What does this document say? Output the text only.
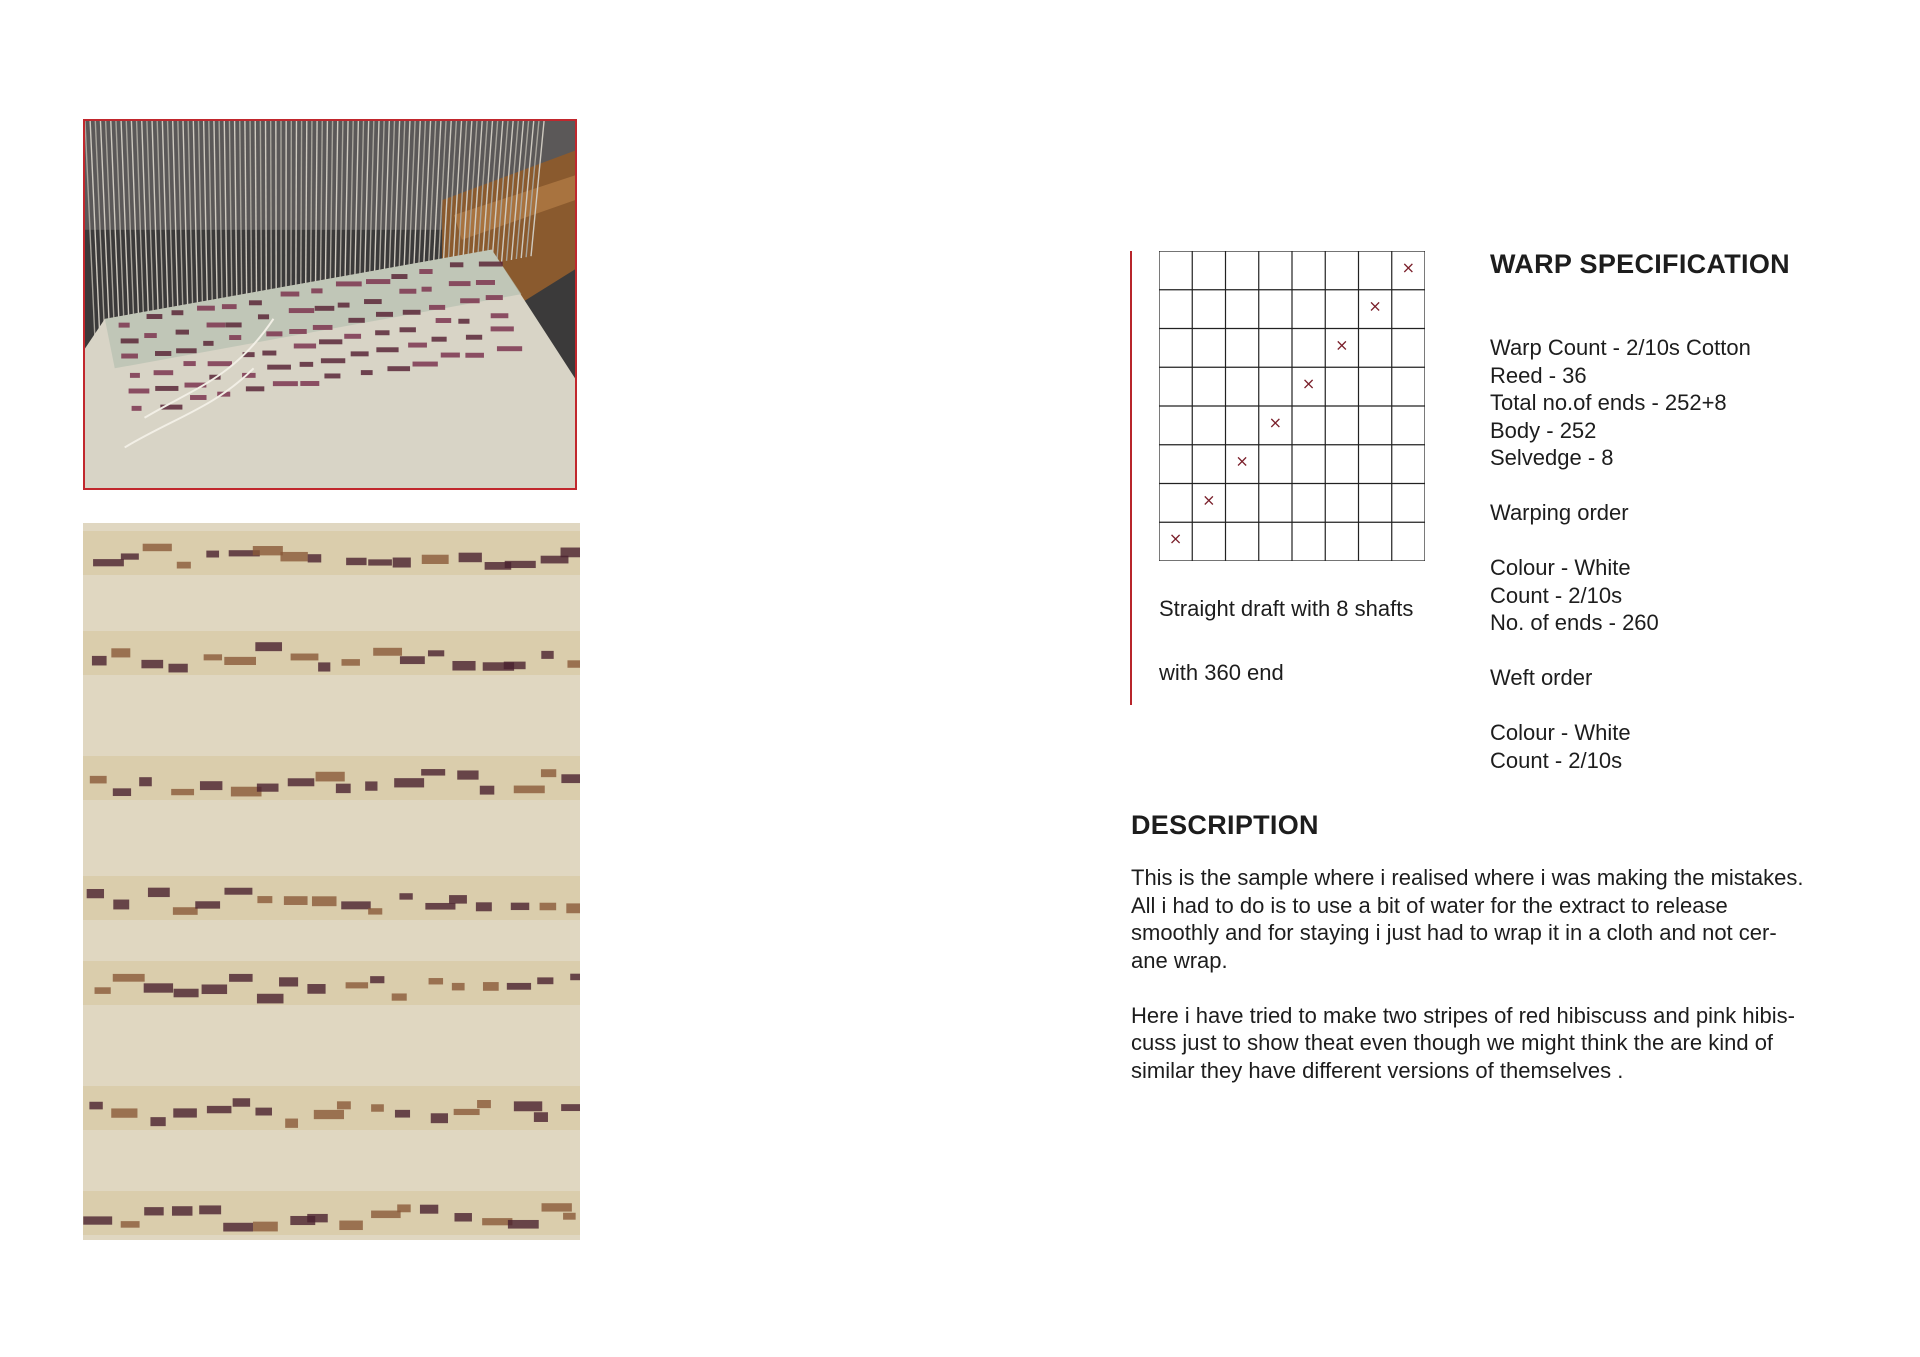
×
×
×
×
×
×
×
×
Straight draft with 8 shafts
with 360 end
WARP SPECIFICATION
Warp Count - 2/10s Cotton
Reed - 36
Total no.of ends - 252+8
Body - 252
Selvedge - 8
Warping order
Colour - White
Count - 2/10s
No. of ends - 260
Weft order
Colour - White
Count - 2/10s
DESCRIPTION
This is the sample where i realised where i was making the mistakes.
All i had to do is to use a bit of water for the extract to release
smoothly and for staying i just had to wrap it in a cloth and not cer-
ane wrap.
Here i have tried to make two stripes of red hibiscuss and pink hibis-
cuss just to show theat even though we might think the are kind of
similar they have different versions of themselves .
